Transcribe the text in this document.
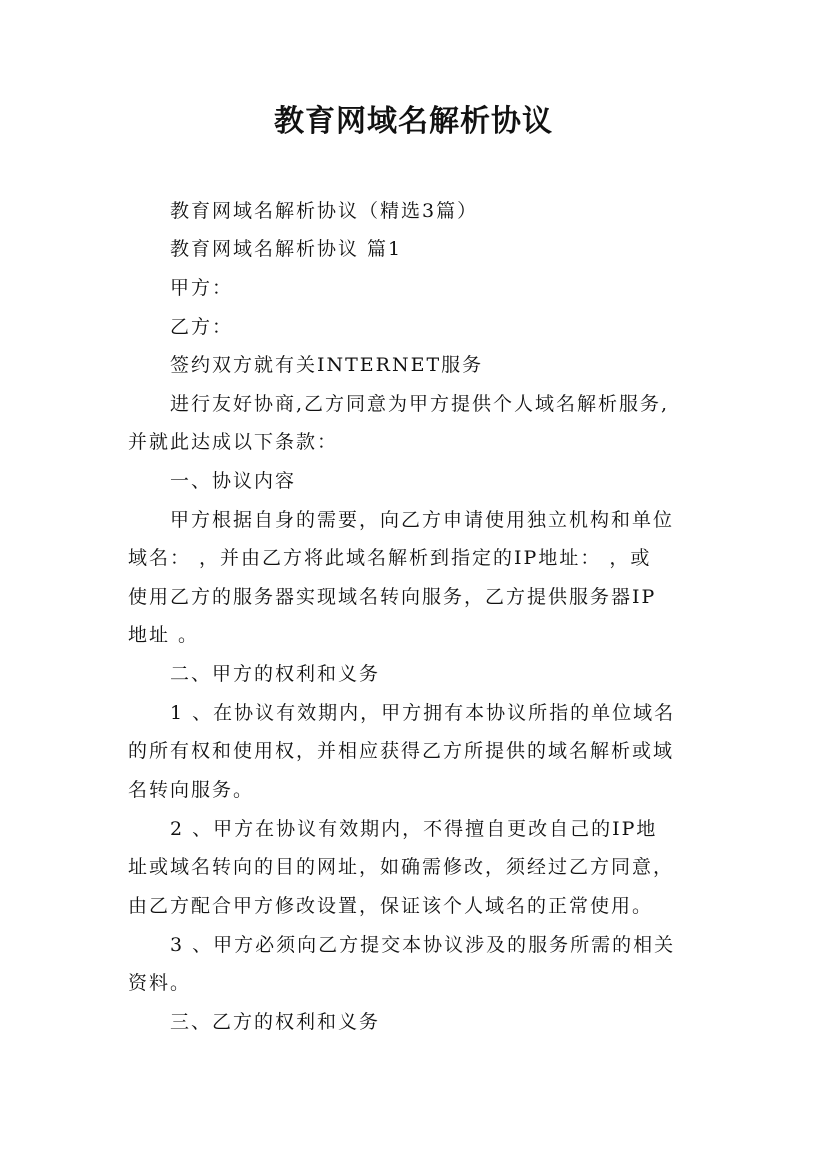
教育网域名解析协议
教育网域名解析协议（精选3篇）
教育网域名解析协议 篇1
甲方：
乙方：
签约双方就有关INTERNET服务
进行友好协商,乙方同意为甲方提供个人域名解析服务,
并就此达成以下条款：
一、协议内容
甲方根据自身的需要，向乙方申请使用独立机构和单位
域名： ，并由乙方将此域名解析到指定的IP地址： ，或
使用乙方的服务器实现域名转向服务，乙方提供服务器IP
地址 。
二、甲方的权利和义务
1 、在协议有效期内，甲方拥有本协议所指的单位域名
的所有权和使用权，并相应获得乙方所提供的域名解析或域
名转向服务。
2 、甲方在协议有效期内，不得擅自更改自己的IP地
址或域名转向的目的网址，如确需修改，须经过乙方同意，
由乙方配合甲方修改设置，保证该个人域名的正常使用。
3 、甲方必须向乙方提交本协议涉及的服务所需的相关
资料。
三、乙方的权利和义务
